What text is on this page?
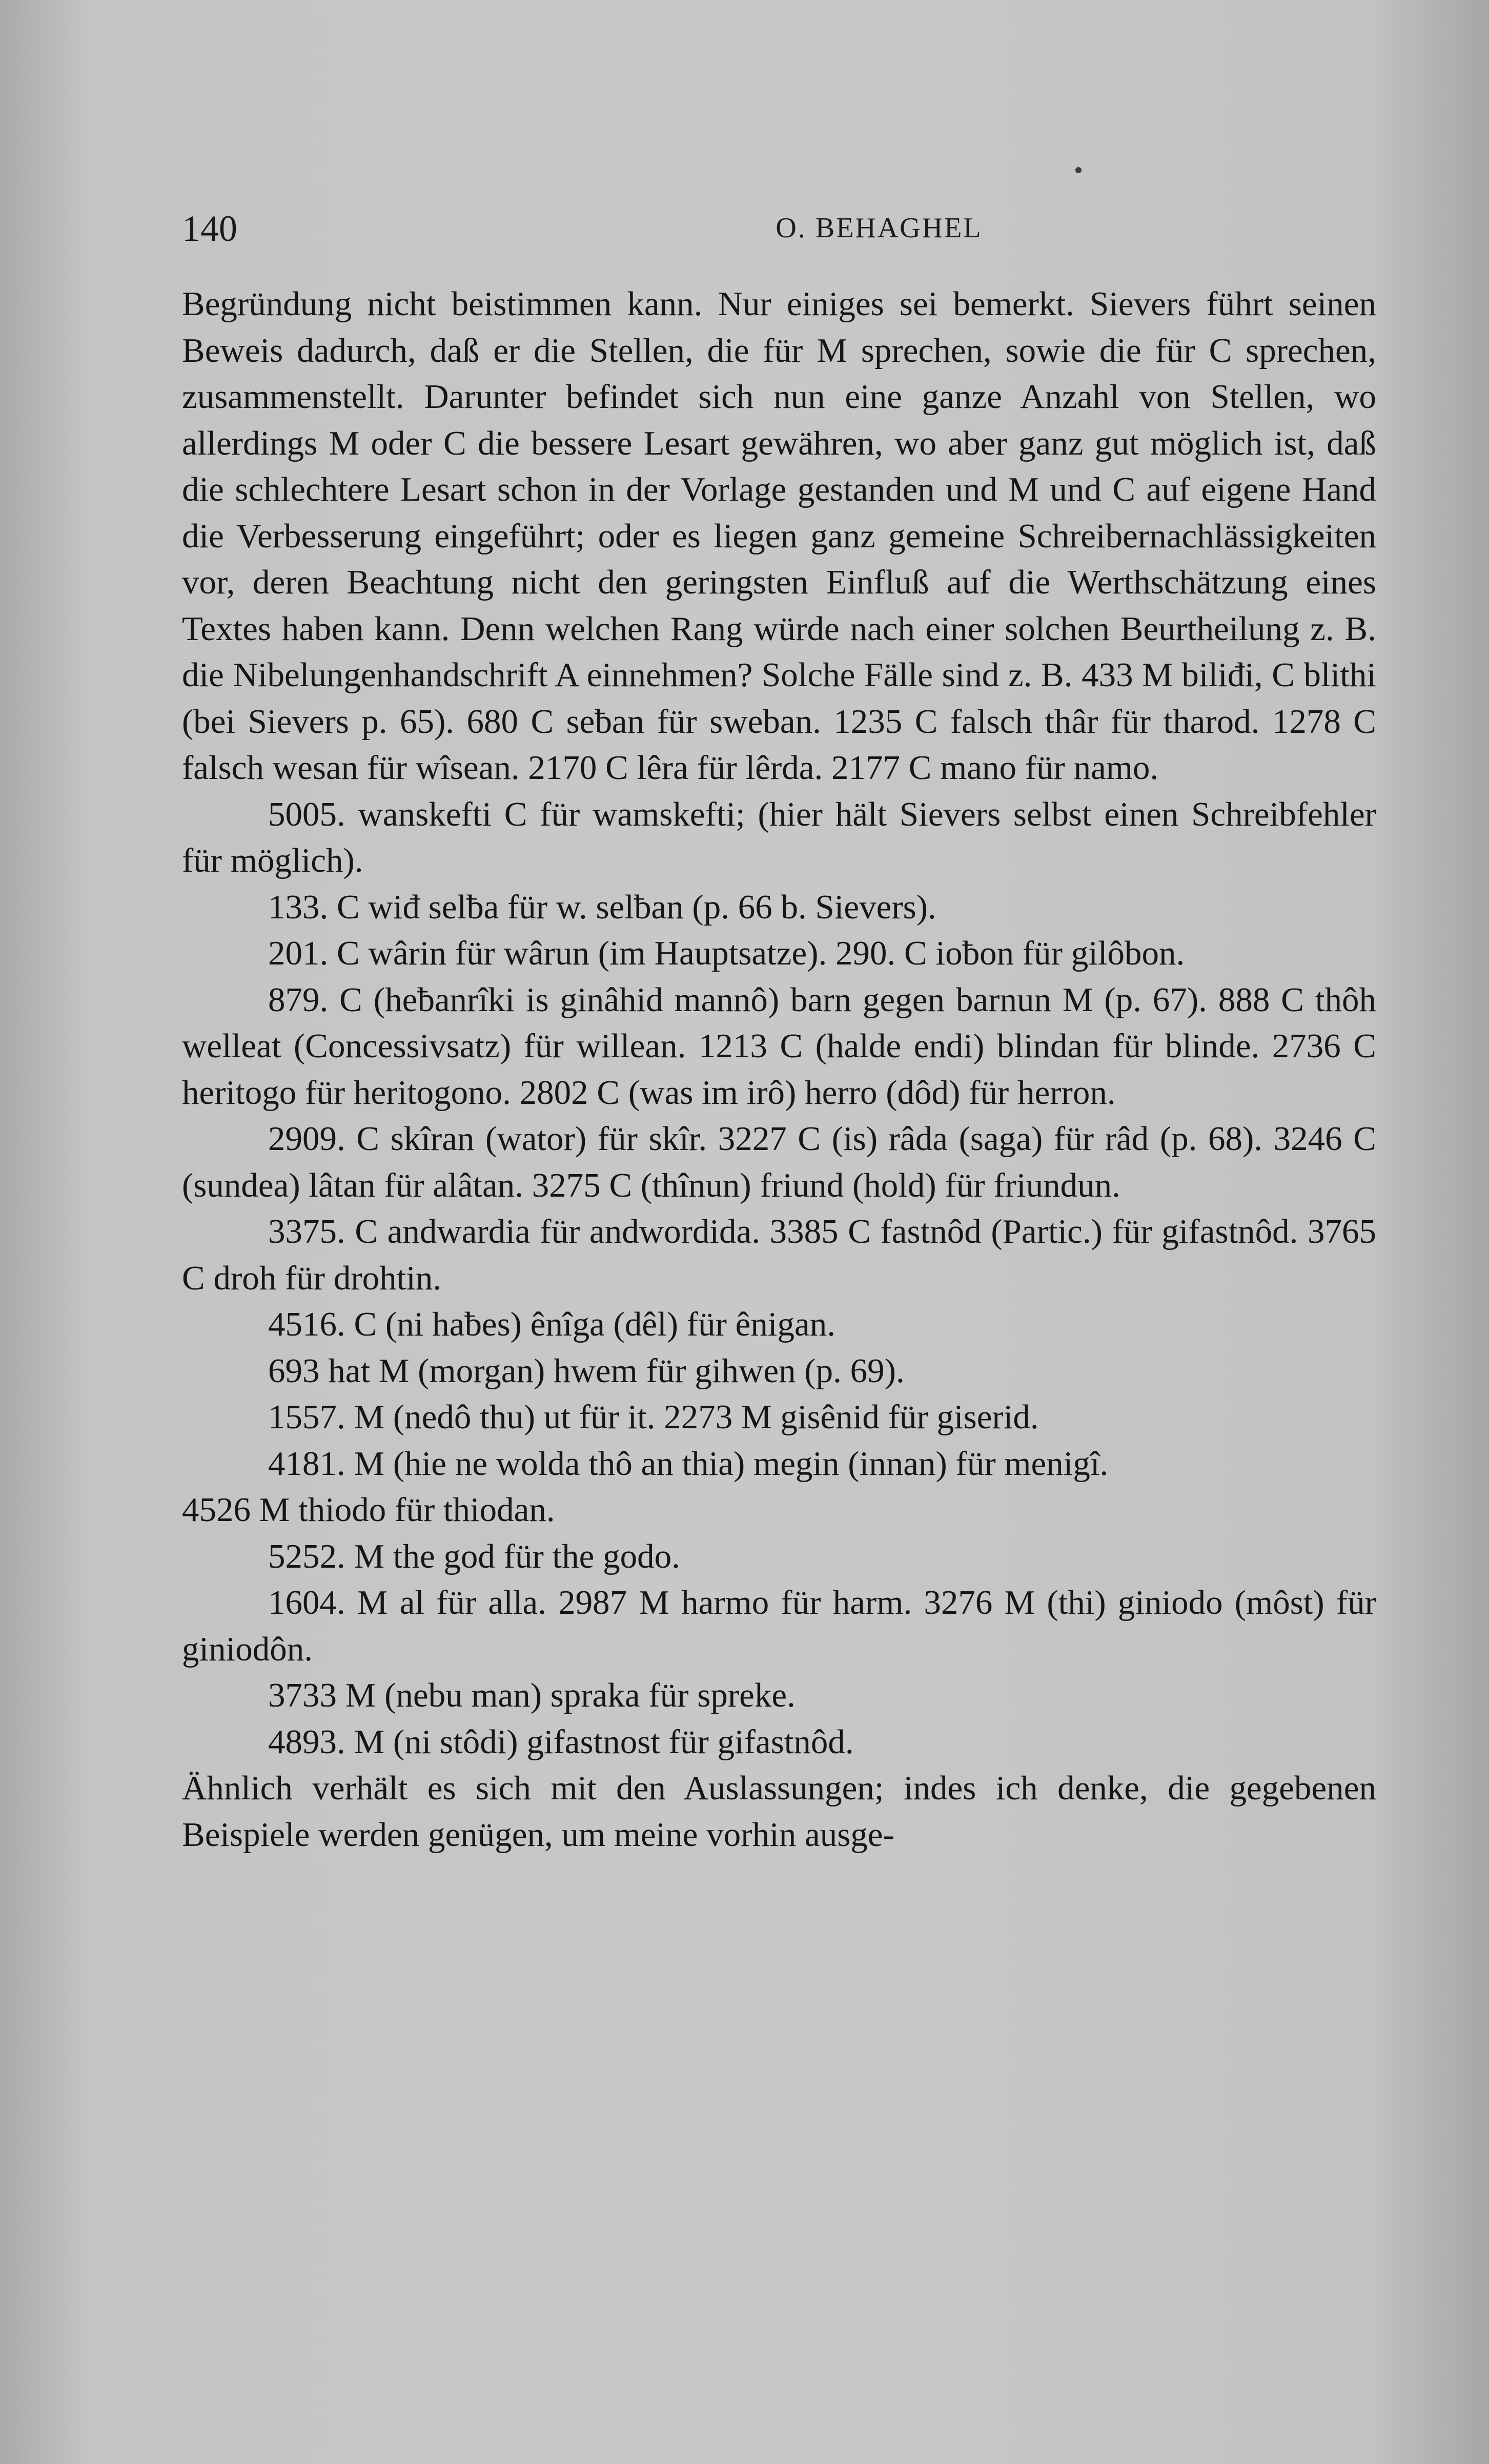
140	O. BEHAGHEL

Begründung nicht beistimmen kann. Nur einiges sei bemerkt. Sievers führt seinen Beweis dadurch, daß er die Stellen, die für M sprechen, sowie die für C sprechen, zusammenstellt. Darunter befindet sich nun eine ganze Anzahl von Stellen, wo allerdings M oder C die bessere Lesart gewähren, wo aber ganz gut möglich ist, daß die schlechtere Lesart schon in der Vorlage gestanden und M und C auf eigene Hand die Verbesserung eingeführt; oder es liegen ganz gemeine Schreibernachlässigkeiten vor, deren Beachtung nicht den geringsten Einfluß auf die Werthschätzung eines Textes haben kann. Denn welchen Rang würde nach einer solchen Beurtheilung z. B. die Nibelungenhandschrift A einnehmen? Solche Fälle sind z. B. 433 M biliđi, C blithi (bei Sievers p. 65). 680 C seƀan für sweban. 1235 C falsch thâr für tharod. 1278 C falsch wesan für wîsean. 2170 C lêra für lêrda. 2177 C mano für namo.

5005. wanskefti C für wamskefti; (hier hält Sievers selbst einen Schreibfehler für möglich).

133. C wiđ selƀa für w. selƀan (p. 66 b. Sievers).

201. C wârin für wârun (im Hauptsatze). 290. C ioƀon für gilôbon.

879. C (heƀanrîki is ginâhid mannô) barn gegen barnun M (p. 67). 888 C thôh welleat (Concessivsatz) für willean. 1213 C (halde endi) blindan für blinde. 2736 C heritogo für heritogono. 2802 C (was im irô) herro (dôd) für herron.

2909. C skîran (wator) für skîr. 3227 C (is) râda (saga) für râd (p. 68). 3246 C (sundea) lâtan für alâtan. 3275 C (thînun) friund (hold) für friundun.

3375. C andwardia für andwordida. 3385 C fastnôd (Partic.) für gifastnôd. 3765 C droh für drohtin.

4516. C (ni haƀes) ênîga (dêl) für ênigan.

693 hat M (morgan) hwem für gihwen (p. 69).

1557. M (nedô thu) ut für it. 2273 M gisênid für giserid.

4181. M (hie ne wolda thô an thia) megin (innan) für menigî.

4526 M thiodo für thiodan.

5252. M the god für the godo.

1604. M al für alla. 2987 M harmo für harm. 3276 M (thi) giniodo (môst) für giniodôn.

3733 M (nebu man) spraka für spreke.

4893. M (ni stôdi) gifastnost für gifastnôd.

Ähnlich verhält es sich mit den Auslassungen; indes ich denke, die gegebenen Beispiele werden genügen, um meine vorhin ausge-
